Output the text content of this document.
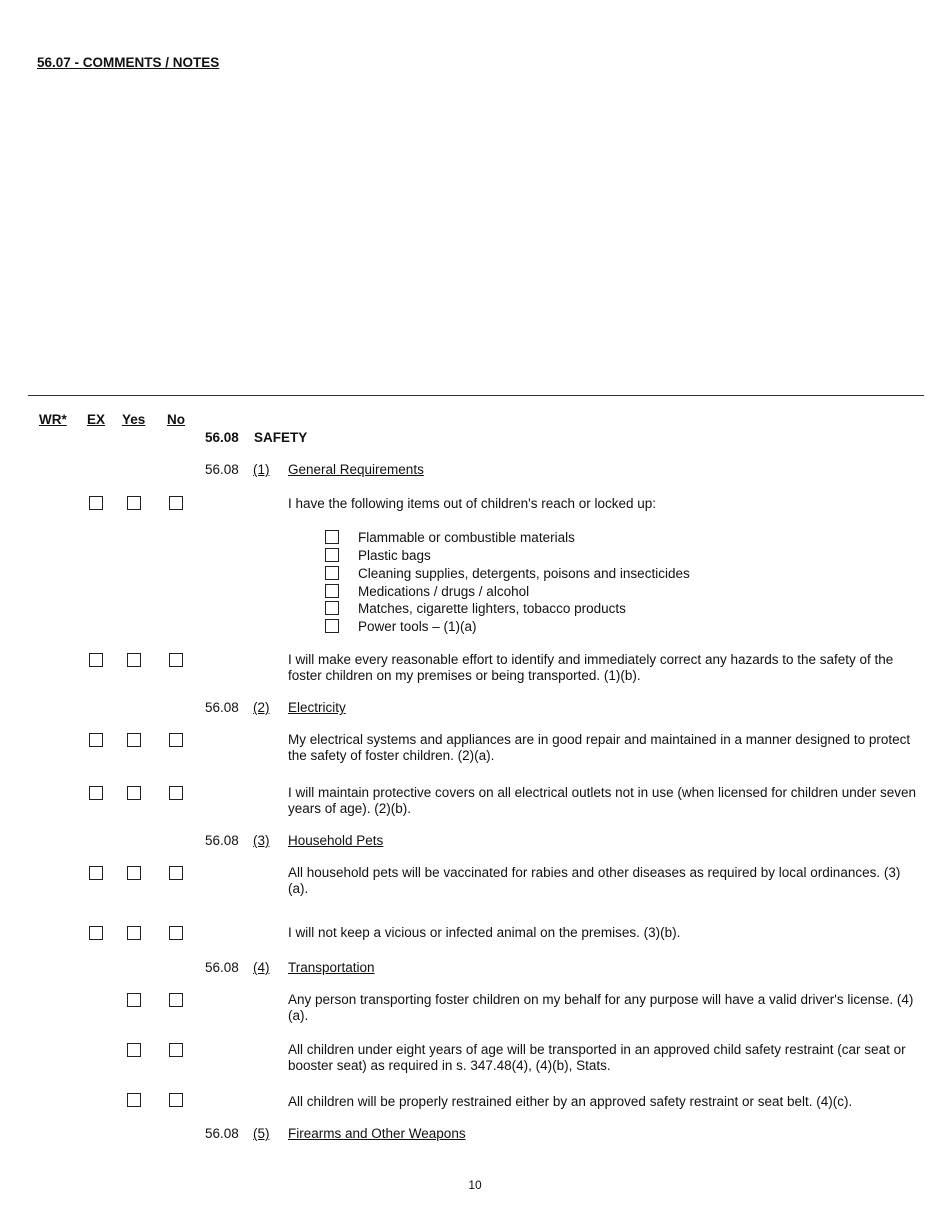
56.07 - COMMENTS / NOTES
WR* EX Yes No
56.08 SAFETY
56.08 (1) General Requirements
I have the following items out of children's reach or locked up:
Flammable or combustible materials
Plastic bags
Cleaning supplies, detergents, poisons and insecticides
Medications / drugs / alcohol
Matches, cigarette lighters, tobacco products
Power tools – (1)(a)
I will make every reasonable effort to identify and immediately correct any hazards to the safety of the foster children on my premises or being transported. (1)(b).
56.08 (2) Electricity
My electrical systems and appliances are in good repair and maintained in a manner designed to protect the safety of foster children. (2)(a).
I will maintain protective covers on all electrical outlets not in use (when licensed for children under seven years of age). (2)(b).
56.08 (3) Household Pets
All household pets will be vaccinated for rabies and other diseases as required by local ordinances. (3)(a).
I will not keep a vicious or infected animal on the premises. (3)(b).
56.08 (4) Transportation
Any person transporting foster children on my behalf for any purpose will have a valid driver's license. (4)(a).
All children under eight years of age will be transported in an approved child safety restraint (car seat or booster seat) as required in s. 347.48(4), (4)(b), Stats.
All children will be properly restrained either by an approved safety restraint or seat belt. (4)(c).
56.08 (5) Firearms and Other Weapons
10
